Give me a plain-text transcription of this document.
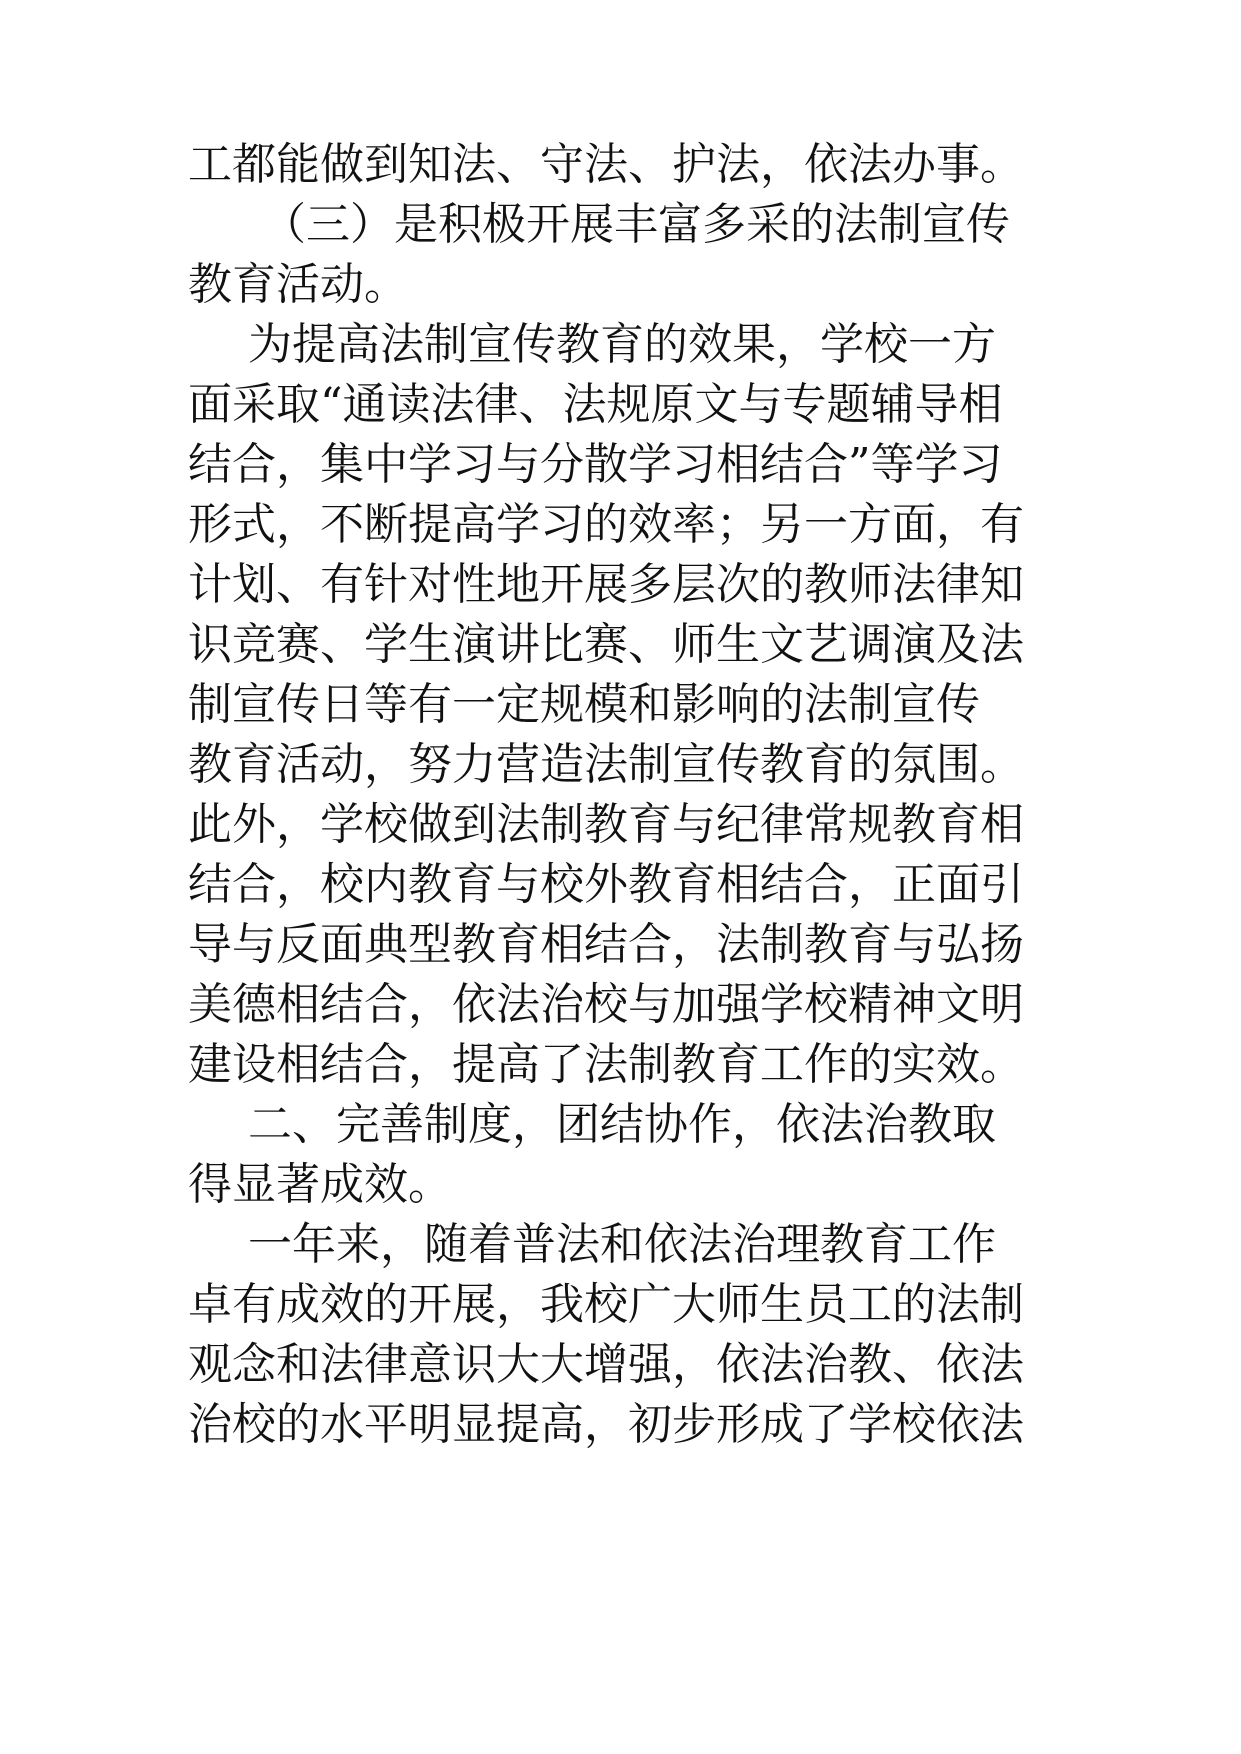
工都能做到知法、守法、护法，依法办事。

（三）是积极开展丰富多采的法制宣传

教育活动。

为提高法制宣传教育的效果，学校一方

面采取“通读法律、法规原文与专题辅导相

结合，集中学习与分散学习相结合”等学习

形式，不断提高学习的效率；另一方面，有

计划、有针对性地开展多层次的教师法律知

识竞赛、学生演讲比赛、师生文艺调演及法

制宣传日等有一定规模和影响的法制宣传

教育活动，努力营造法制宣传教育的氛围。

此外，学校做到法制教育与纪律常规教育相

结合，校内教育与校外教育相结合，正面引

导与反面典型教育相结合，法制教育与弘扬

美德相结合，依法治校与加强学校精神文明

建设相结合，提高了法制教育工作的实效。

二、完善制度，团结协作，依法治教取

得显著成效。

一年来，随着普法和依法治理教育工作

卓有成效的开展，我校广大师生员工的法制

观念和法律意识大大增强，依法治教、依法

治校的水平明显提高，初步形成了学校依法
